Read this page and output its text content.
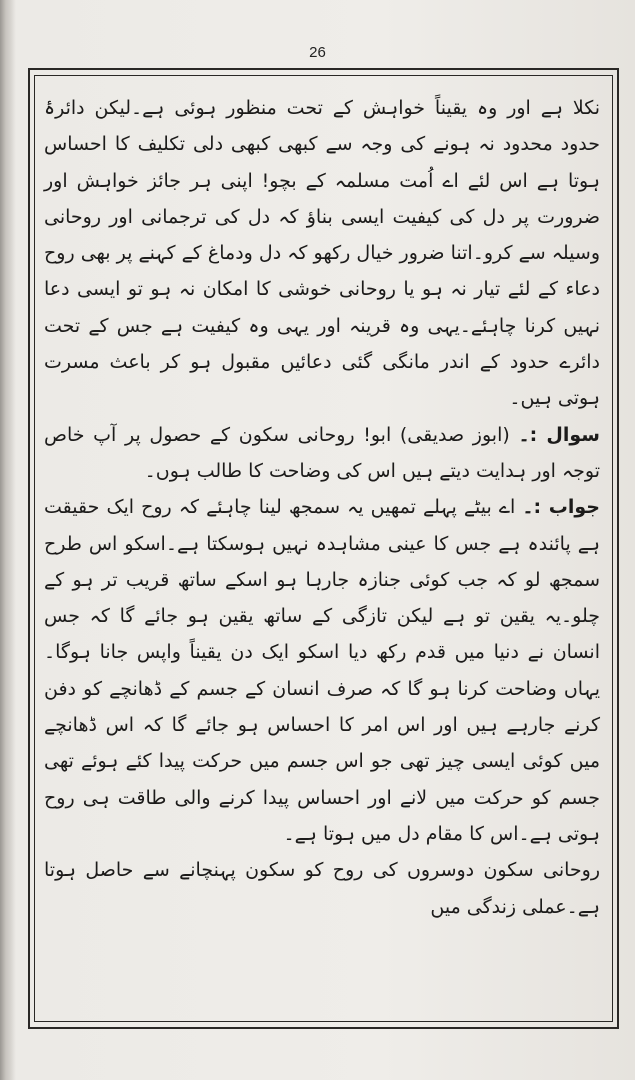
26

نکلا ہے اور وہ یقیناً خواہش کے تحت منظور ہوئی ہے۔لیکن دائرۂ حدود محدود نہ ہونے کی وجہ سے کبھی کبھی دلی تکلیف کا احساس ہوتا ہے اس لئے اے اُمت مسلمہ کے بچو! اپنی ہر جائز خواہش اور ضرورت پر دل کی کیفیت ایسی بناؤ کہ دل کی ترجمانی اور روحانی وسیلہ سے کرو۔اتنا ضرور خیال رکھو کہ دل ودماغ کے کہنے پر بھی روح دعاء کے لئے تیار نہ ہو یا روحانی خوشی کا امکان نہ ہو تو ایسی دعا نہیں کرنا چاہئے۔یہی وہ قرینہ اور یہی وہ کیفیت ہے جس کے تحت دائرے حدود کے اندر مانگی گئی دعائیں مقبول ہو کر باعث مسرت ہوتی ہیں۔

سوال :۔ (ابوز صدیقی) ابو! روحانی سکون کے حصول پر آپ خاص توجہ اور ہدایت دیتے ہیں اس کی وضاحت کا طالب ہوں۔

جواب :۔ اے بیٹے پہلے تمھیں یہ سمجھ لینا چاہئے کہ روح ایک حقیقت ہے پائندہ ہے جس کا عینی مشاہدہ نہیں ہوسکتا ہے۔اسکو اس طرح سمجھ لو کہ جب کوئی جنازہ جارہا ہو اسکے ساتھ قریب تر ہو کے چلو۔یہ یقین تو ہے لیکن تازگی کے ساتھ یقین ہو جائے گا کہ جس انسان نے دنیا میں قدم رکھ دیا اسکو ایک دن یقیناً واپس جانا ہوگا۔یہاں وضاحت کرنا ہو گا کہ صرف انسان کے جسم کے ڈھانچے کو دفن کرنے جارہے ہیں اور اس امر کا احساس ہو جائے گا کہ اس ڈھانچے میں کوئی ایسی چیز تھی جو اس جسم میں حرکت پیدا کئے ہوئے تھی جسم کو حرکت میں لانے اور احساس پیدا کرنے والی طاقت ہی روح ہوتی ہے۔اس کا مقام دل میں ہوتا ہے۔

روحانی سکون دوسروں کی روح کو سکون پہنچانے سے حاصل ہوتا ہے۔عملی زندگی میں
